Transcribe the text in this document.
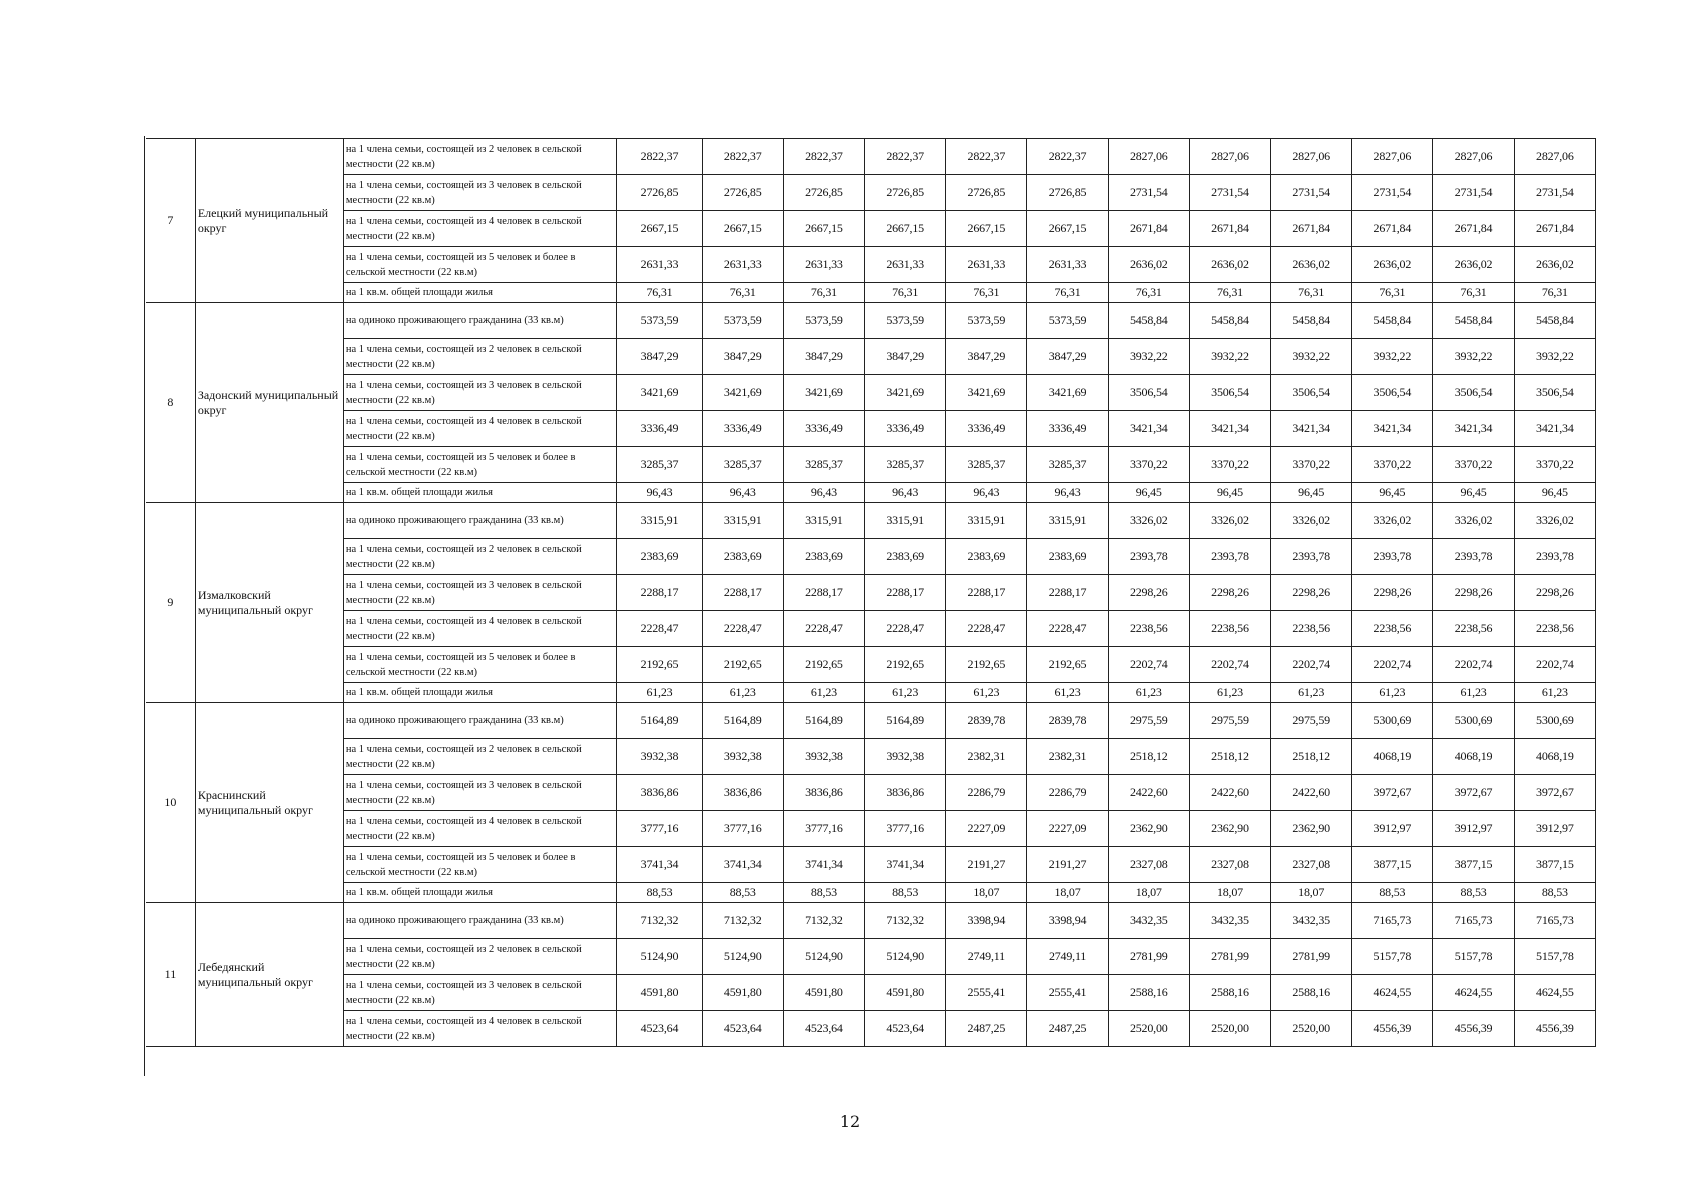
7	Елецкий муниципальный округ	на 1 члена семьи, состоящей из 2 человек в сельской местности (22 кв.м)	2822,37	2822,37	2822,37	2822,37	2822,37	2822,37	2827,06	2827,06	2827,06	2827,06	2827,06	2827,06
		на 1 члена семьи, состоящей из 3 человек в сельской местности (22 кв.м)	2726,85	2726,85	2726,85	2726,85	2726,85	2726,85	2731,54	2731,54	2731,54	2731,54	2731,54	2731,54
		на 1 члена семьи, состоящей из 4 человек в сельской местности (22 кв.м)	2667,15	2667,15	2667,15	2667,15	2667,15	2667,15	2671,84	2671,84	2671,84	2671,84	2671,84	2671,84
		на 1 члена семьи, состоящей из 5 человек и более в сельской местности (22 кв.м)	2631,33	2631,33	2631,33	2631,33	2631,33	2631,33	2636,02	2636,02	2636,02	2636,02	2636,02	2636,02
		на 1 кв.м. общей площади жилья	76,31	76,31	76,31	76,31	76,31	76,31	76,31	76,31	76,31	76,31	76,31	76,31
8	Задонский муниципальный округ	на одиноко проживающего гражданина (33 кв.м)	5373,59	5373,59	5373,59	5373,59	5373,59	5373,59	5458,84	5458,84	5458,84	5458,84	5458,84	5458,84
		на 1 члена семьи, состоящей из 2 человек в сельской местности (22 кв.м)	3847,29	3847,29	3847,29	3847,29	3847,29	3847,29	3932,22	3932,22	3932,22	3932,22	3932,22	3932,22
		на 1 члена семьи, состоящей из 3 человек в сельской местности (22 кв.м)	3421,69	3421,69	3421,69	3421,69	3421,69	3421,69	3506,54	3506,54	3506,54	3506,54	3506,54	3506,54
		на 1 члена семьи, состоящей из 4 человек в сельской местности (22 кв.м)	3336,49	3336,49	3336,49	3336,49	3336,49	3336,49	3421,34	3421,34	3421,34	3421,34	3421,34	3421,34
		на 1 члена семьи, состоящей из 5 человек и более в сельской местности (22 кв.м)	3285,37	3285,37	3285,37	3285,37	3285,37	3285,37	3370,22	3370,22	3370,22	3370,22	3370,22	3370,22
		на 1 кв.м. общей площади жилья	96,43	96,43	96,43	96,43	96,43	96,43	96,45	96,45	96,45	96,45	96,45	96,45
9	Измалковский муниципальный округ	на одиноко проживающего гражданина (33 кв.м)	3315,91	3315,91	3315,91	3315,91	3315,91	3315,91	3326,02	3326,02	3326,02	3326,02	3326,02	3326,02
		на 1 члена семьи, состоящей из 2 человек в сельской местности (22 кв.м)	2383,69	2383,69	2383,69	2383,69	2383,69	2383,69	2393,78	2393,78	2393,78	2393,78	2393,78	2393,78
		на 1 члена семьи, состоящей из 3 человек в сельской местности (22 кв.м)	2288,17	2288,17	2288,17	2288,17	2288,17	2288,17	2298,26	2298,26	2298,26	2298,26	2298,26	2298,26
		на 1 члена семьи, состоящей из 4 человек в сельской местности (22 кв.м)	2228,47	2228,47	2228,47	2228,47	2228,47	2228,47	2238,56	2238,56	2238,56	2238,56	2238,56	2238,56
		на 1 члена семьи, состоящей из 5 человек и более в сельской местности (22 кв.м)	2192,65	2192,65	2192,65	2192,65	2192,65	2192,65	2202,74	2202,74	2202,74	2202,74	2202,74	2202,74
		на 1 кв.м. общей площади жилья	61,23	61,23	61,23	61,23	61,23	61,23	61,23	61,23	61,23	61,23	61,23	61,23
10	Краснинский муниципальный округ	на одиноко проживающего гражданина (33 кв.м)	5164,89	5164,89	5164,89	5164,89	2839,78	2839,78	2975,59	2975,59	2975,59	5300,69	5300,69	5300,69
		на 1 члена семьи, состоящей из 2 человек в сельской местности (22 кв.м)	3932,38	3932,38	3932,38	3932,38	2382,31	2382,31	2518,12	2518,12	2518,12	4068,19	4068,19	4068,19
		на 1 члена семьи, состоящей из 3 человек в сельской местности (22 кв.м)	3836,86	3836,86	3836,86	3836,86	2286,79	2286,79	2422,60	2422,60	2422,60	3972,67	3972,67	3972,67
		на 1 члена семьи, состоящей из 4 человек в сельской местности (22 кв.м)	3777,16	3777,16	3777,16	3777,16	2227,09	2227,09	2362,90	2362,90	2362,90	3912,97	3912,97	3912,97
		на 1 члена семьи, состоящей из 5 человек и более в сельской местности (22 кв.м)	3741,34	3741,34	3741,34	3741,34	2191,27	2191,27	2327,08	2327,08	2327,08	3877,15	3877,15	3877,15
		на 1 кв.м. общей площади жилья	88,53	88,53	88,53	88,53	18,07	18,07	18,07	18,07	18,07	88,53	88,53	88,53
11	Лебедянский муниципальный округ	на одиноко проживающего гражданина (33 кв.м)	7132,32	7132,32	7132,32	7132,32	3398,94	3398,94	3432,35	3432,35	3432,35	7165,73	7165,73	7165,73
		на 1 члена семьи, состоящей из 2 человек в сельской местности (22 кв.м)	5124,90	5124,90	5124,90	5124,90	2749,11	2749,11	2781,99	2781,99	2781,99	5157,78	5157,78	5157,78
		на 1 члена семьи, состоящей из 3 человек в сельской местности (22 кв.м)	4591,80	4591,80	4591,80	4591,80	2555,41	2555,41	2588,16	2588,16	2588,16	4624,55	4624,55	4624,55
		на 1 члена семьи, состоящей из 4 человек в сельской местности (22 кв.м)	4523,64	4523,64	4523,64	4523,64	2487,25	2487,25	2520,00	2520,00	2520,00	4556,39	4556,39	4556,39
12
